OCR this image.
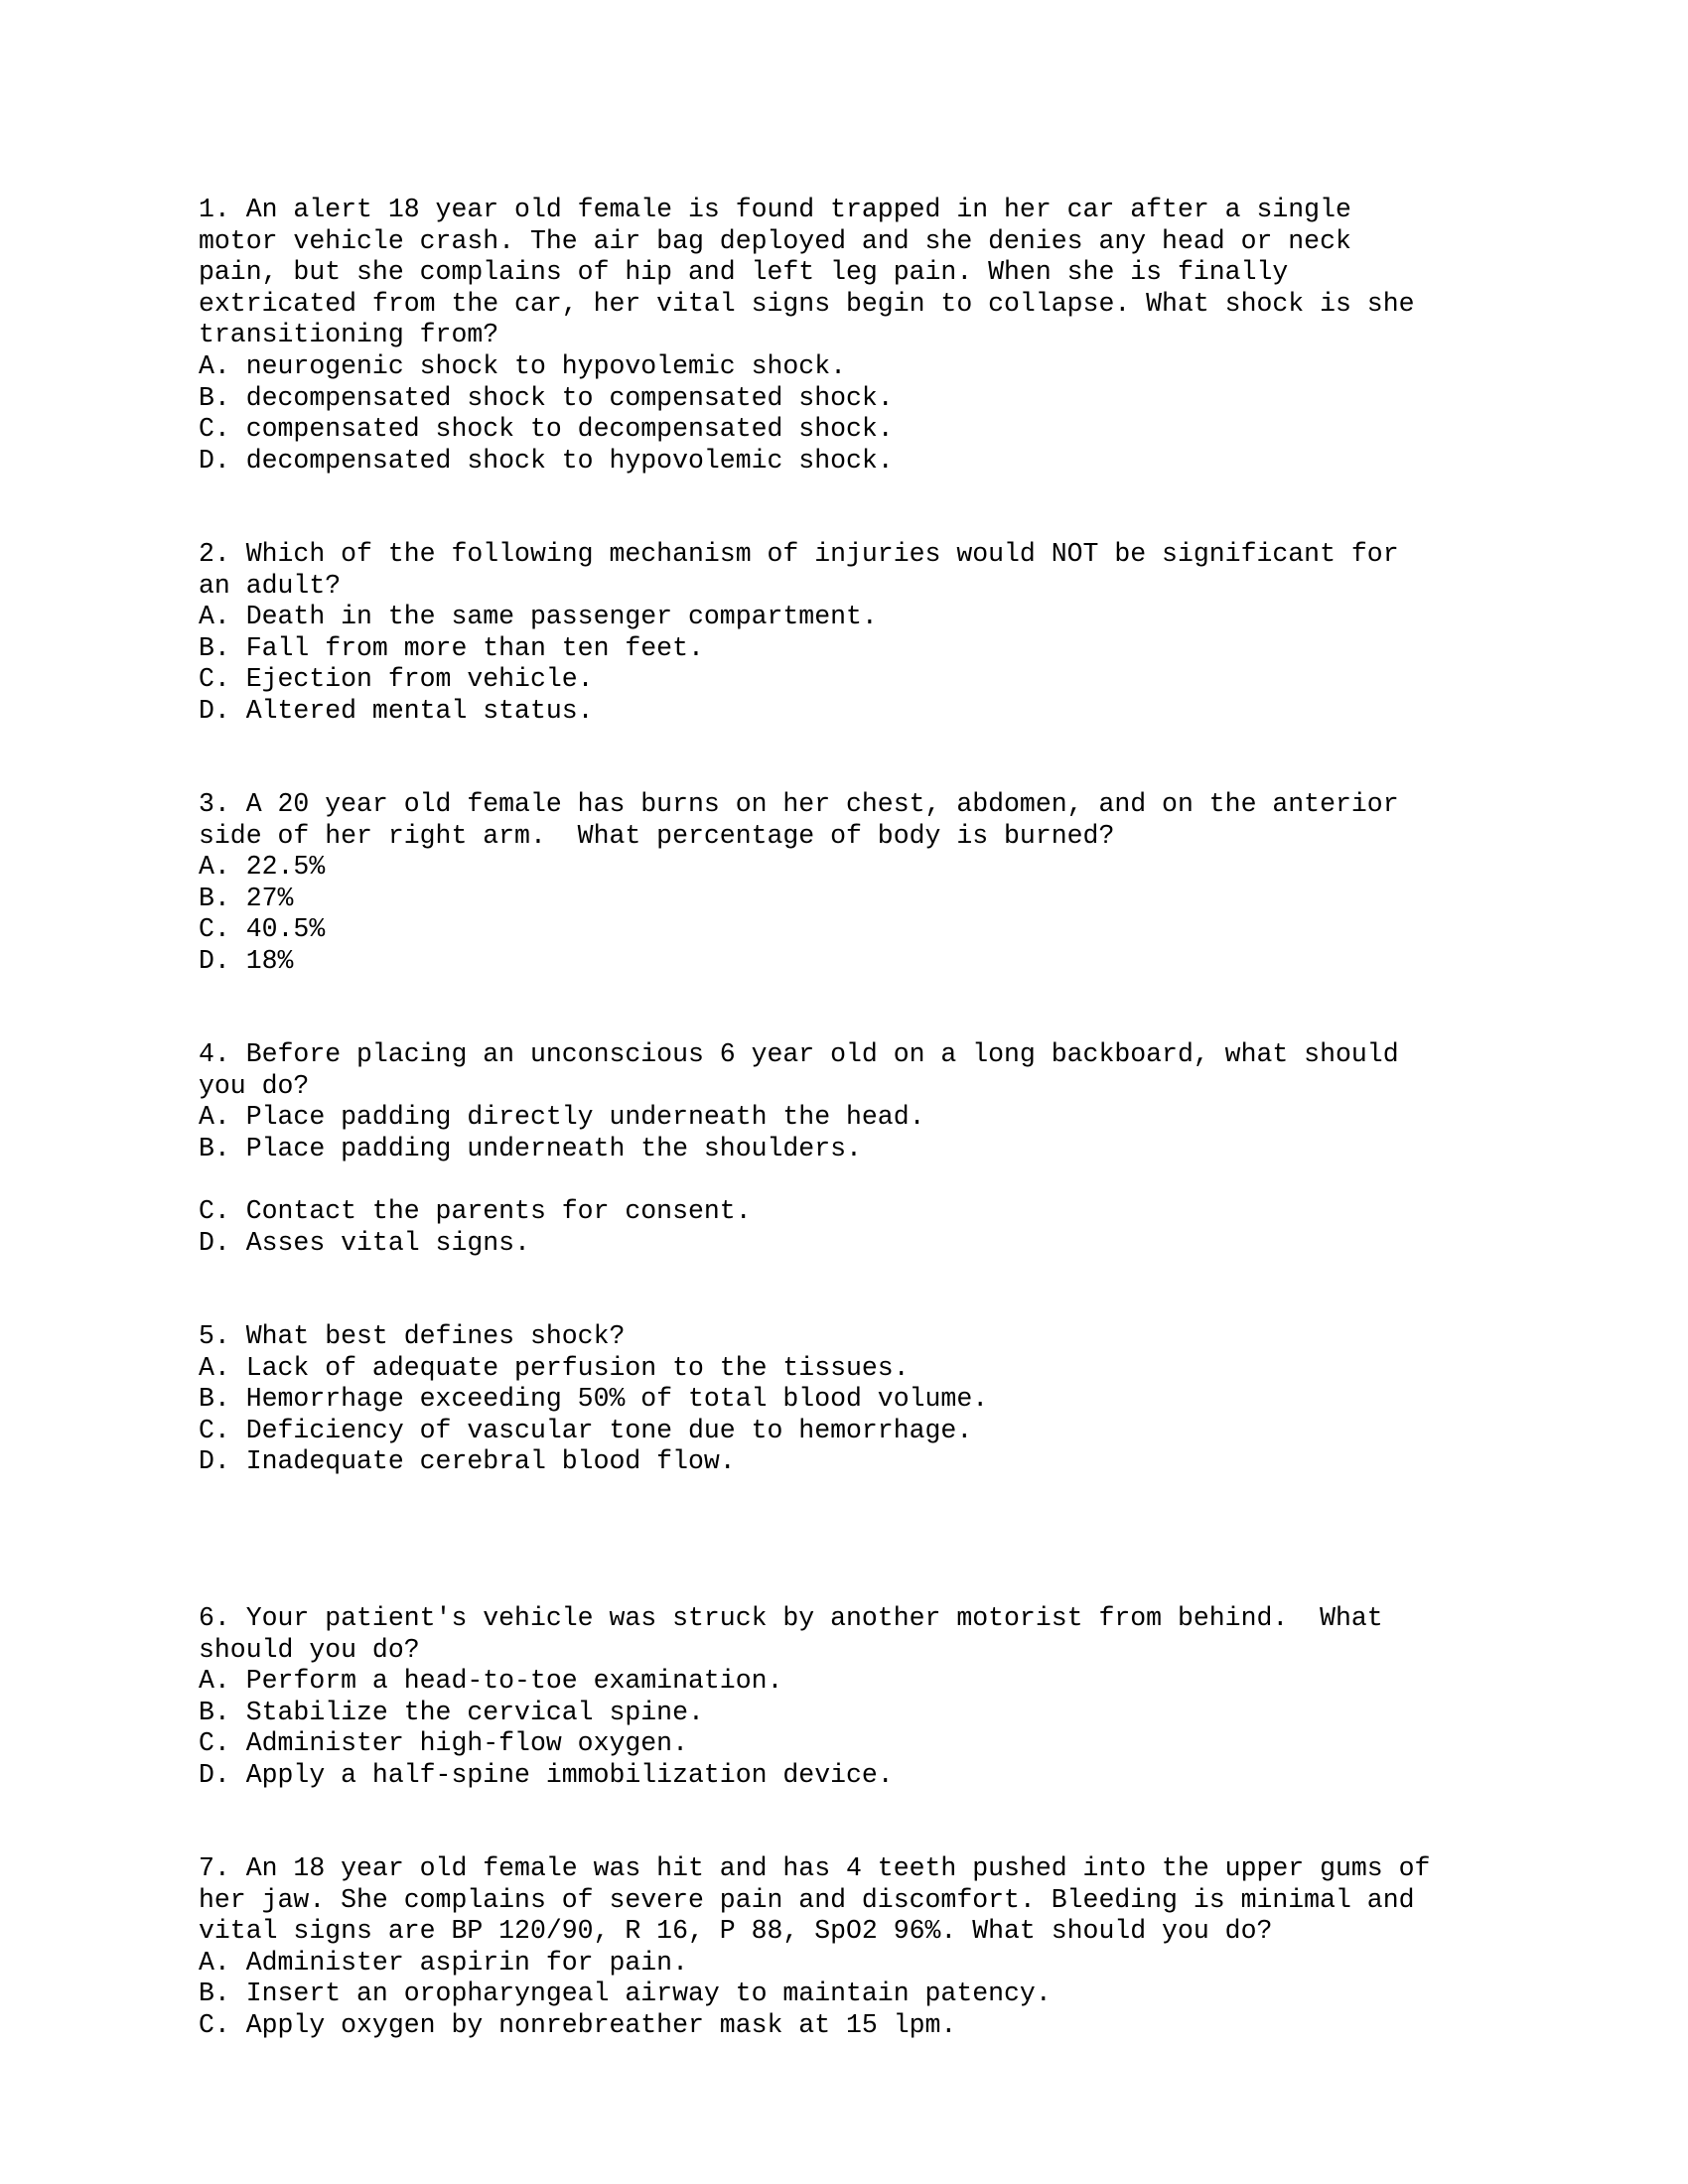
1. An alert 18 year old female is found trapped in her car after a single
motor vehicle crash. The air bag deployed and she denies any head or neck
pain, but she complains of hip and left leg pain. When she is finally
extricated from the car, her vital signs begin to collapse. What shock is she
transitioning from?
A. neurogenic shock to hypovolemic shock.
B. decompensated shock to compensated shock.
C. compensated shock to decompensated shock.
D. decompensated shock to hypovolemic shock.
2. Which of the following mechanism of injuries would NOT be significant for
an adult?
A. Death in the same passenger compartment.
B. Fall from more than ten feet.
C. Ejection from vehicle.
D. Altered mental status.
3. A 20 year old female has burns on her chest, abdomen, and on the anterior
side of her right arm.  What percentage of body is burned?
A. 22.5%
B. 27%
C. 40.5%
D. 18%
4. Before placing an unconscious 6 year old on a long backboard, what should
you do?
A. Place padding directly underneath the head.
B. Place padding underneath the shoulders.
C. Contact the parents for consent.
D. Asses vital signs.
5. What best defines shock?
A. Lack of adequate perfusion to the tissues.
B. Hemorrhage exceeding 50% of total blood volume.
C. Deficiency of vascular tone due to hemorrhage.
D. Inadequate cerebral blood flow.
6. Your patient's vehicle was struck by another motorist from behind.  What
should you do?
A. Perform a head-to-toe examination.
B. Stabilize the cervical spine.
C. Administer high-flow oxygen.
D. Apply a half-spine immobilization device.
7. An 18 year old female was hit and has 4 teeth pushed into the upper gums of
her jaw. She complains of severe pain and discomfort. Bleeding is minimal and
vital signs are BP 120/90, R 16, P 88, SpO2 96%. What should you do?
A. Administer aspirin for pain.
B. Insert an oropharyngeal airway to maintain patency.
C. Apply oxygen by nonrebreather mask at 15 lpm.
